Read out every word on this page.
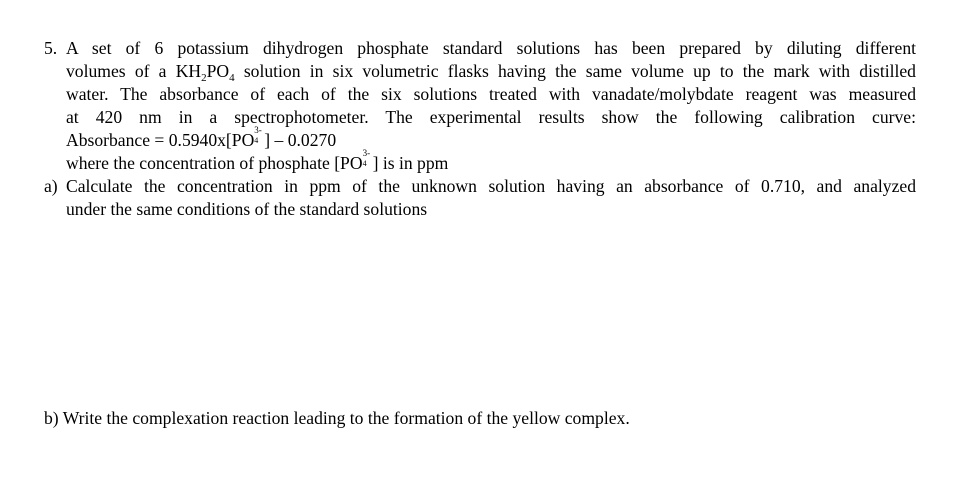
5. A set of 6 potassium dihydrogen phosphate standard solutions has been prepared by diluting different
volumes of a $KH_2PO_4$ solution in six volumetric flasks having the same volume up to the mark with distilled
water. The absorbance of each of the six solutions treated with vanadate/molybdate reagent was measured
at 420 nm in a spectrophotometer. The experimental results show the following calibration curve:
Absorbance = 0.5940x[PO 3-
4 ] – 0.0270
where the concentration of phosphate [PO 3-
4 ] is in ppm
a) Calculate the concentration in ppm of the unknown solution having an absorbance of 0.710, and analyzed
under the same conditions of the standard solutions
b) Write the complexation reaction leading to the formation of the yellow complex.
